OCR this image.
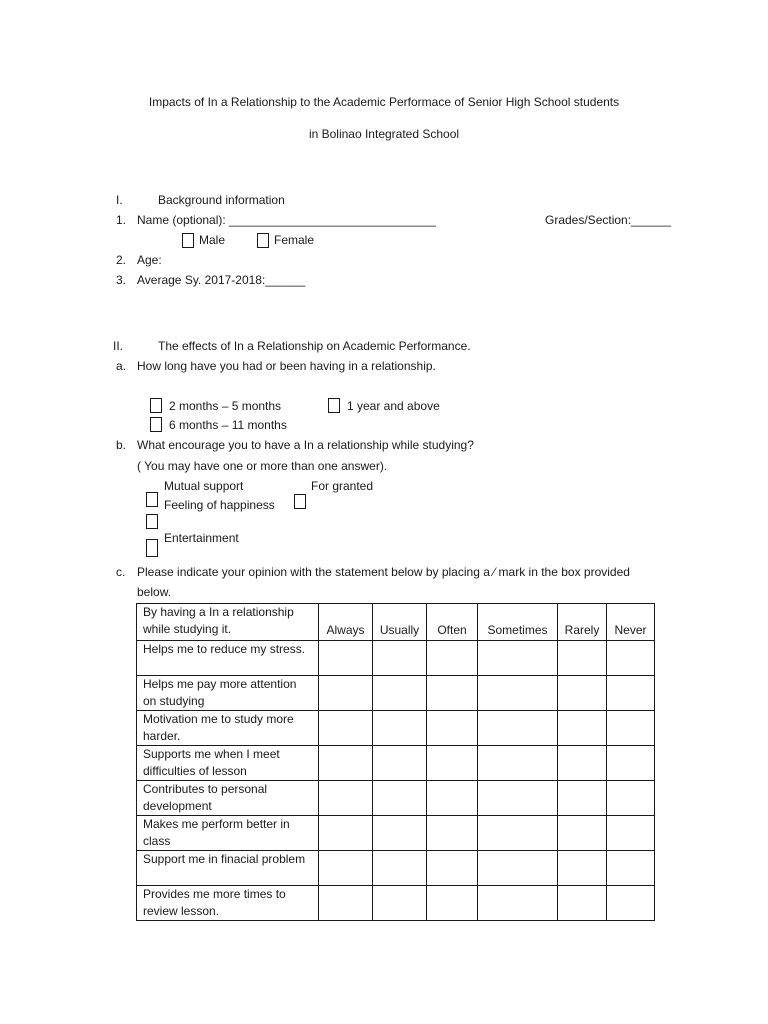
Impacts of In a Relationship to the Academic Performace of Senior High School students
in Bolinao Integrated School
I.	Background information
1. Name (optional): _______________________________	Grades/Section:______
Male	Female
2. Age:
3. Average Sy. 2017-2018:______
II.	The effects of In a Relationship on Academic Performance.
a. How long have you had or been having in a relationship.
2 months – 5 months	1 year and above
6 months – 11 months
b. What encourage you to have a In a relationship while studying?
( You may have one or more than one answer).
Mutual support	For granted
Feeling of happiness
Entertainment
c. Please indicate your opinion with the statement below by placing a ⁄ mark in the box provided
below.
By having a In a relationship while studying it.	Always	Usually	Often	Sometimes	Rarely	Never
Helps me to reduce my stress.						
Helps me pay more attention on studying						
Motivation me to study more harder.						
Supports me when I meet difficulties of lesson						
Contributes to personal development						
Makes me perform better in class						
Support me in finacial problem						
Provides me more times to review lesson.						
